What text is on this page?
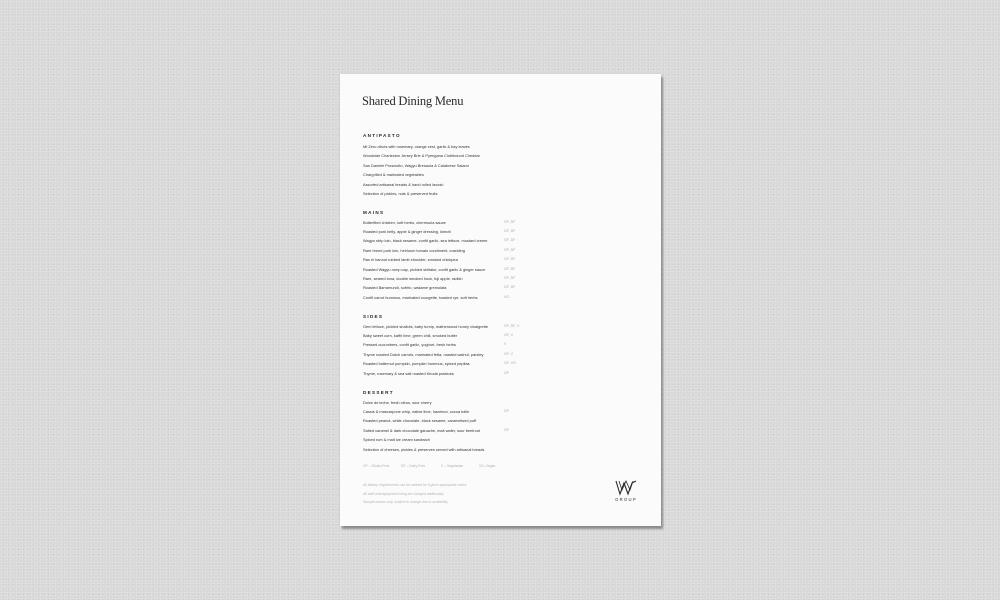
Shared Dining Menu
ANTIPASTO
Mt Zero olives with rosemary, orange zest, garlic & bay leaves
Woodside Charleston Jersey Brie & Pyengana Clothbound Cheddar
San Daniele Prosciutto, Wagyu Bresaola & Calabrese Salami
Chargrilled & marinated vegetables
Assorted artisanal breads & hand rolled lavosh
Selection of pickles, nuts & preserved fruits
MAINS
Butterflied chicken, soft herbs, chermoula sauce	GF, DF
Roasted pork belly, apple & ginger dressing, kimchi	GF, DF
Wagyu strip loin, black sesame, confit garlic, sea lettuce, mustard creme	GF, DF
Rare breed pork loin, heirloom tomato condiment, crackling	GF, DF
Ras el hanout rubbed lamb shoulder, smoked chickpea	GF, DF
Roasted Wagyu rump cap, pickled shiitake, confit garlic & ginger sauce	GF, DF
Rare, seared tuna, double smoked hock, fuji apple, radish	GF, DF
Roasted Barramundi, sofrito, wakame gremolata	GF, DF
Confit carrot hummus, marinated courgette, toasted rye, soft herbs	VG
SIDES
Gem lettuce, pickled shallots, baby turnip, leatherwood honey vinaigrette	GF, DF, V
Baby sweet corn, kaffir lime, green chili, smoked butter	GF, V
Pressed cucumbers, confit garlic, yoghurt, fresh herbs	V
Thyme roasted Dutch carrots, marinated fetta, roasted walnut, parsley	GF, V
Roasted butternut pumpkin, pumpkin hummus, spiced pepitas	GF, VG
Thyme, rosemary & sea salt roasted Kiroda potatoes	GF
DESSERT
Dulce de leche, fresh citrus, sour cherry
Cassis & mascarpone whip, native lime, hazelnut, cocoa tuille	GF
Roasted peanut, white chocolate, black sesame, caramelised puff
Salted caramel & dark chocolate ganache, malt wafer, sour beetroot	GF
Spiced rum & malt ice cream sandwich
Selection of cheeses, pickles & preserves served with artisanal breads
GF – Gluten Free	DF – Dairy Free	V – Vegetarian	VG–Vegan
All dietary requirements can be catered for if given appropriate notice
All staff and equipment hiring are charged additionally
Sample menus only, subject to change due to availability	GROUP
